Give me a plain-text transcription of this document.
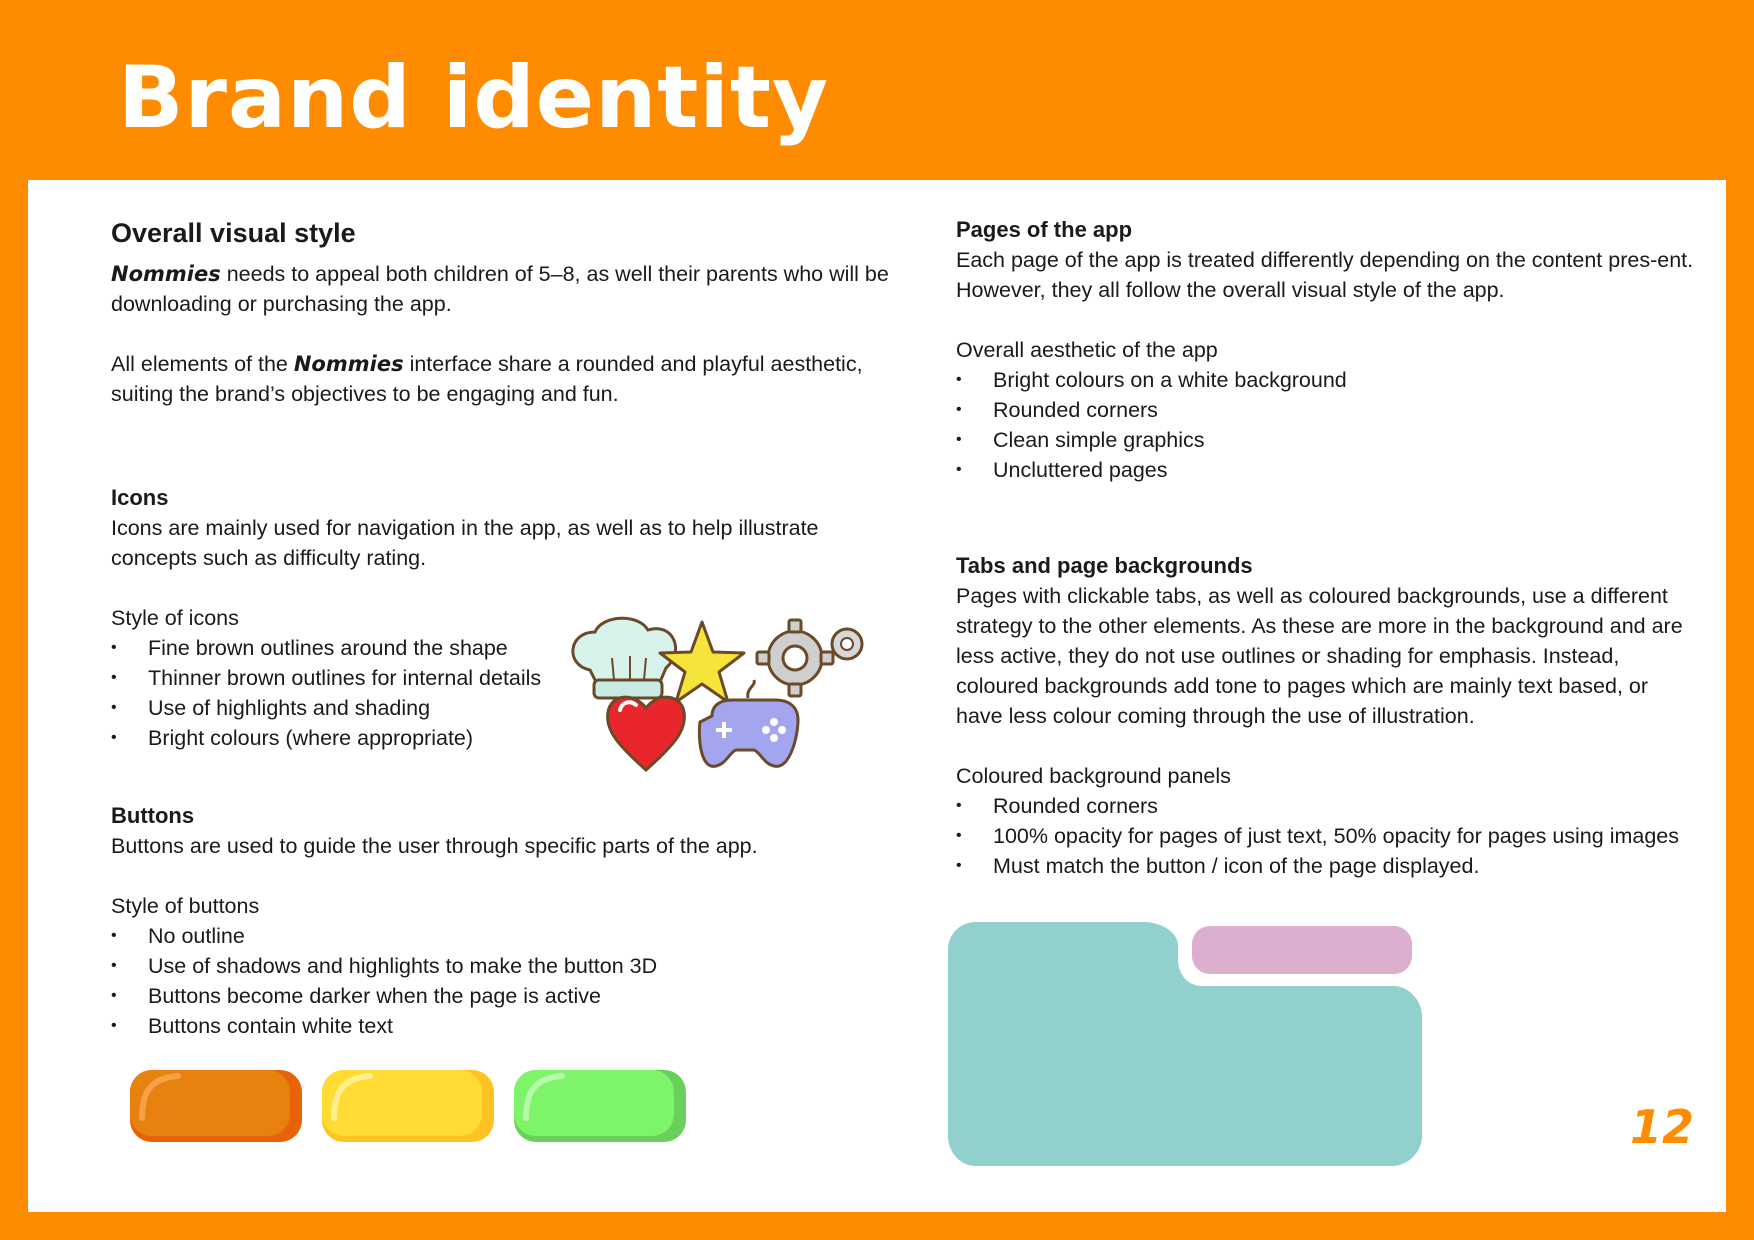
Brand identity
Overall visual style

Nommies needs to appeal both children of 5–8, as well their parents who will be downloading or purchasing the app.

All elements of the Nommies interface share a rounded and playful aesthetic, suiting the brand’s objectives to be engaging and fun.

Icons

Icons are mainly used for navigation in the app, as well as to help illustrate concepts such as difficulty rating.

Style of icons

• Fine brown outlines around the shape
• Thinner brown outlines for internal details
• Use of highlights and shading
• Bright colours (where appropriate)
Buttons

Buttons are used to guide the user through specific parts of the app.

Style of buttons

• No outline
• Use of shadows and highlights to make the button 3D
• Buttons become darker when the page is active
• Buttons contain white text
Pages of the app

Each page of the app is treated differently depending on the content pres-ent. However, they all follow the overall visual style of the app.

Overall aesthetic of the app

• Bright colours on a white background
• Rounded corners
• Clean simple graphics
• Uncluttered pages
Tabs and page backgrounds

Pages with clickable tabs, as well as coloured backgrounds, use a different strategy to the other elements. As these are more in the background and are less active, they do not use outlines or shading for emphasis. Instead, coloured backgrounds add tone to pages which are mainly text based, or have less colour coming through the use of illustration.

Coloured background panels

• Rounded corners
• 100% opacity for pages of just text, 50% opacity for pages using images
• Must match the button / icon of the page displayed.
12
